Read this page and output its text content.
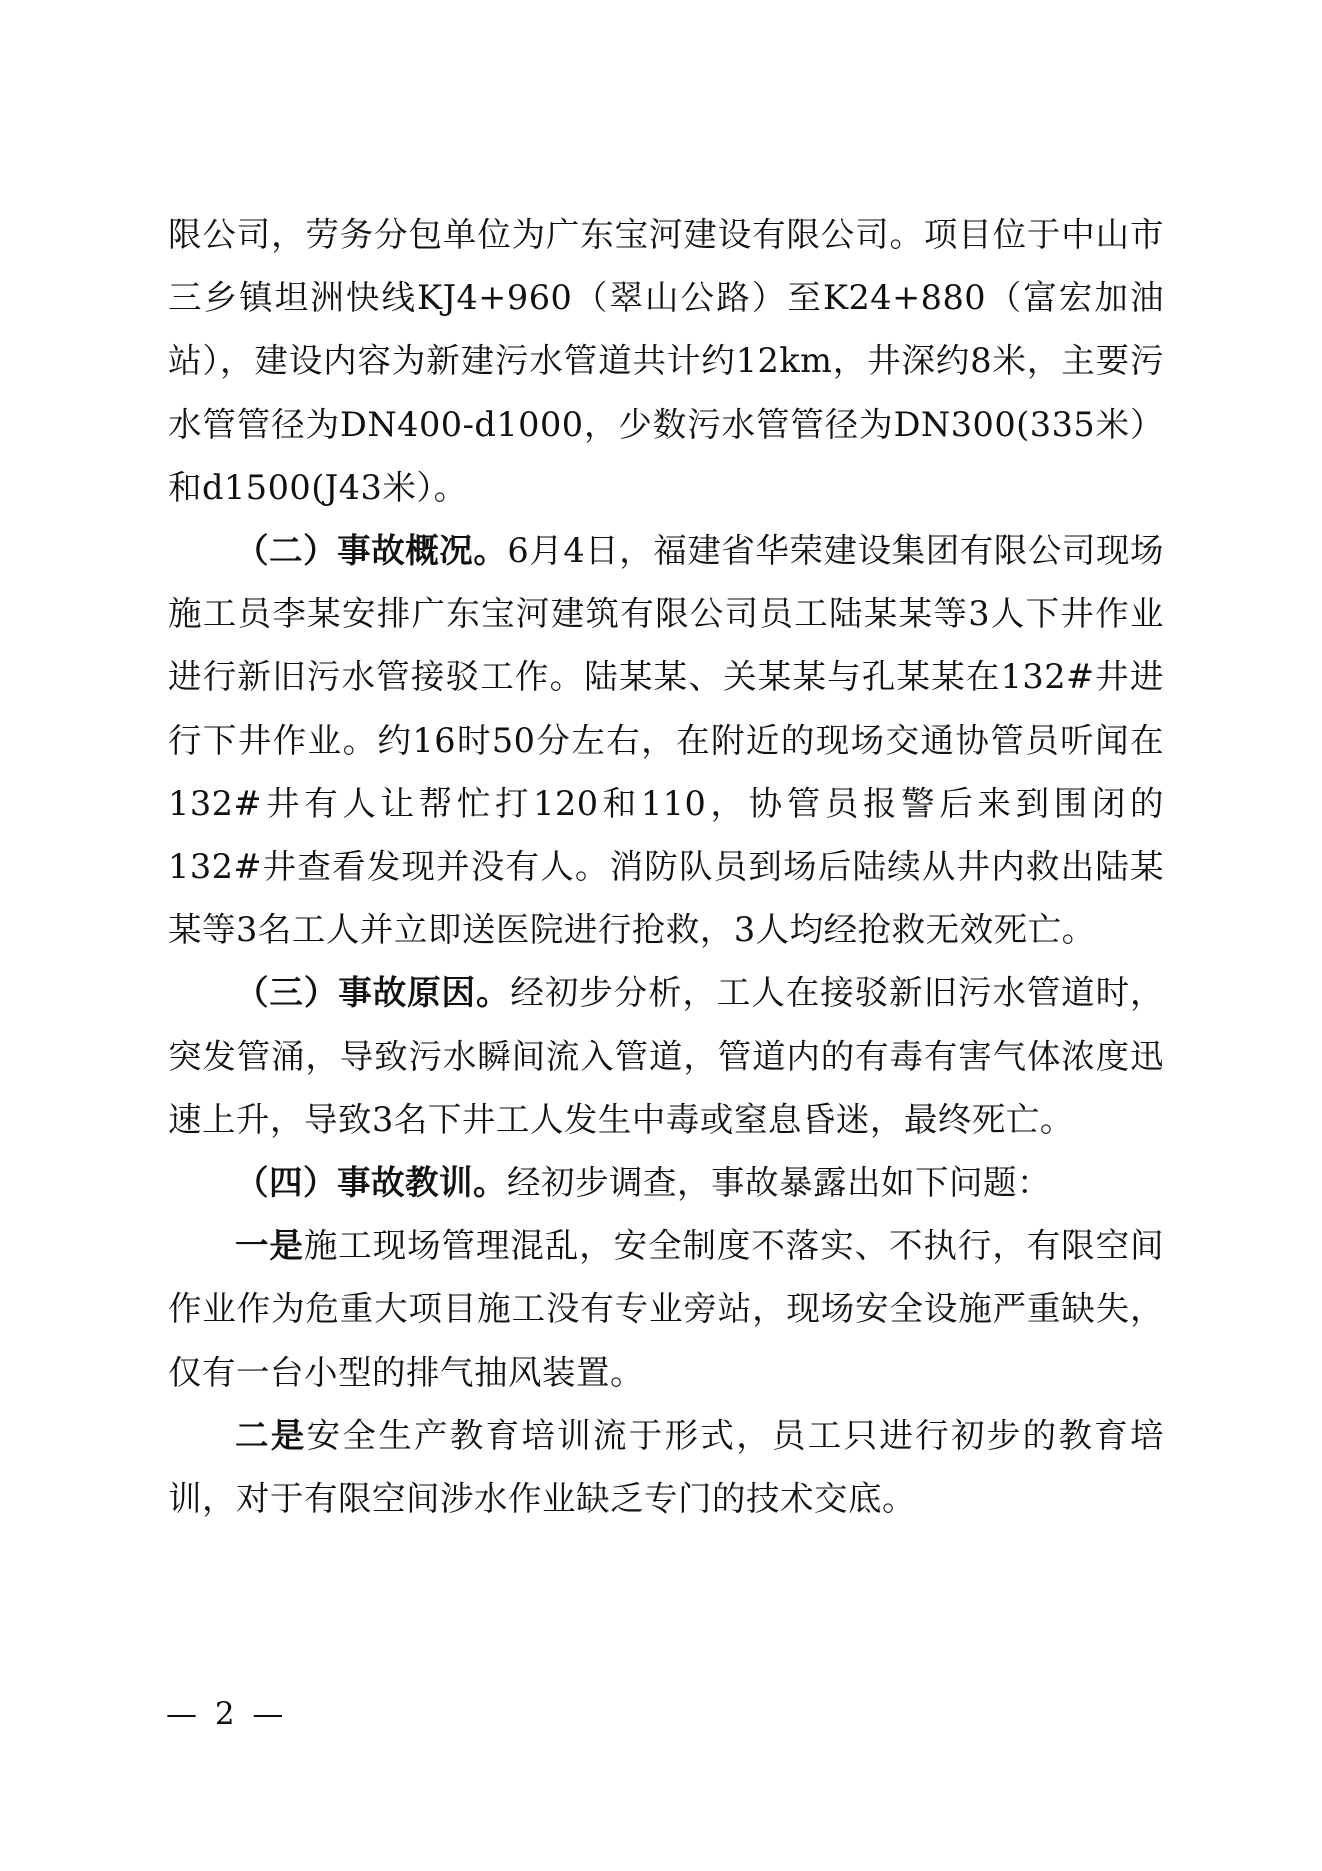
限公司，劳务分包单位为广东宝河建设有限公司。项目位于中山市三乡镇坦洲快线KJ4+960（翠山公路）至K24+880（富宏加油站），建设内容为新建污水管道共计约12km，井深约8米，主要污水管管径为DN400-d1000，少数污水管管径为DN300(335米）和d1500(J43米）。

（二）事故概况。6月4日，福建省华荣建设集团有限公司现场施工员李某安排广东宝河建筑有限公司员工陆某某等3人下井作业进行新旧污水管接驳工作。陆某某、关某某与孔某某在132#井进行下井作业。约16时50分左右，在附近的现场交通协管员听闻在132#井有人让帮忙打120和110，协管员报警后来到围闭的132#井查看发现并没有人。消防队员到场后陆续从井内救出陆某某等3名工人并立即送医院进行抢救，3人均经抢救无效死亡。

（三）事故原因。经初步分析，工人在接驳新旧污水管道时，突发管涌，导致污水瞬间流入管道，管道内的有毒有害气体浓度迅速上升，导致3名下井工人发生中毒或窒息昏迷，最终死亡。

（四）事故教训。经初步调查，事故暴露出如下问题：

一是施工现场管理混乱，安全制度不落实、不执行，有限空间作业作为危重大项目施工没有专业旁站，现场安全设施严重缺失，仅有一台小型的排气抽风装置。

二是安全生产教育培训流于形式，员工只进行初步的教育培训，对于有限空间涉水作业缺乏专门的技术交底。

— 2 —
